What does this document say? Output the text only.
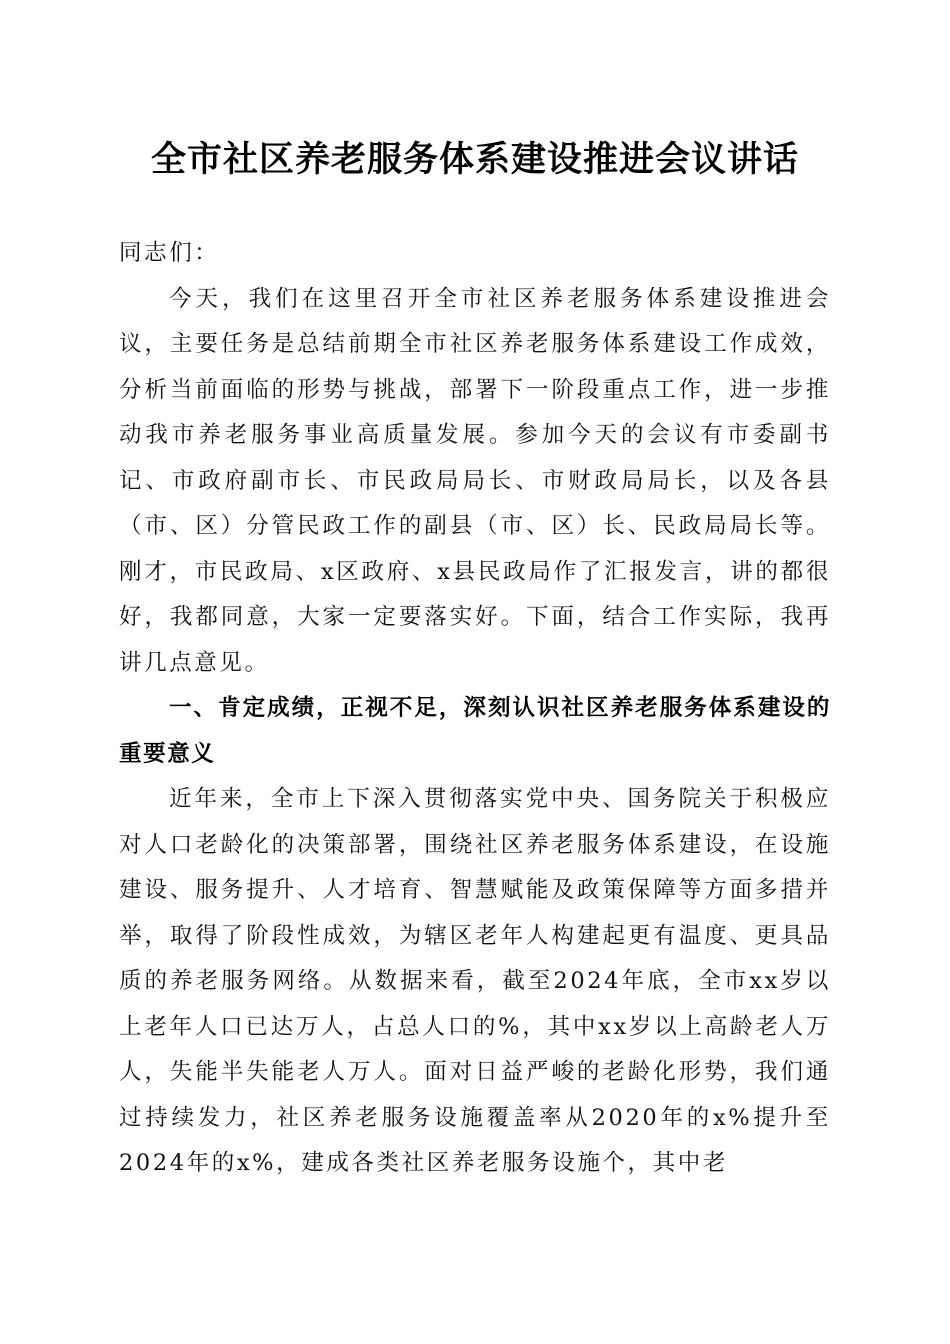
全市社区养老服务体系建设推进会议讲话

同志们：

今天，我们在这里召开全市社区养老服务体系建设推进会议，主要任务是总结前期全市社区养老服务体系建设工作成效，分析当前面临的形势与挑战，部署下一阶段重点工作，进一步推动我市养老服务事业高质量发展。参加今天的会议有市委副书记、市政府副市长、市民政局局长、市财政局局长，以及各县（市、区）分管民政工作的副县（市、区）长、民政局局长等。刚才，市民政局、x区政府、x县民政局作了汇报发言，讲的都很好，我都同意，大家一定要落实好。下面，结合工作实际，我再讲几点意见。

一、肯定成绩，正视不足，深刻认识社区养老服务体系建设的重要意义

近年来，全市上下深入贯彻落实党中央、国务院关于积极应对人口老龄化的决策部署，围绕社区养老服务体系建设，在设施建设、服务提升、人才培育、智慧赋能及政策保障等方面多措并举，取得了阶段性成效，为辖区老年人构建起更有温度、更具品质的养老服务网络。从数据来看，截至2024年底，全市xx岁以上老年人口已达万人，占总人口的%，其中xx岁以上高龄老人万人，失能半失能老人万人。面对日益严峻的老龄化形势，我们通过持续发力，社区养老服务设施覆盖率从2020年的x%提升至2024年的x%，建成各类社区养老服务设施个，其中老
